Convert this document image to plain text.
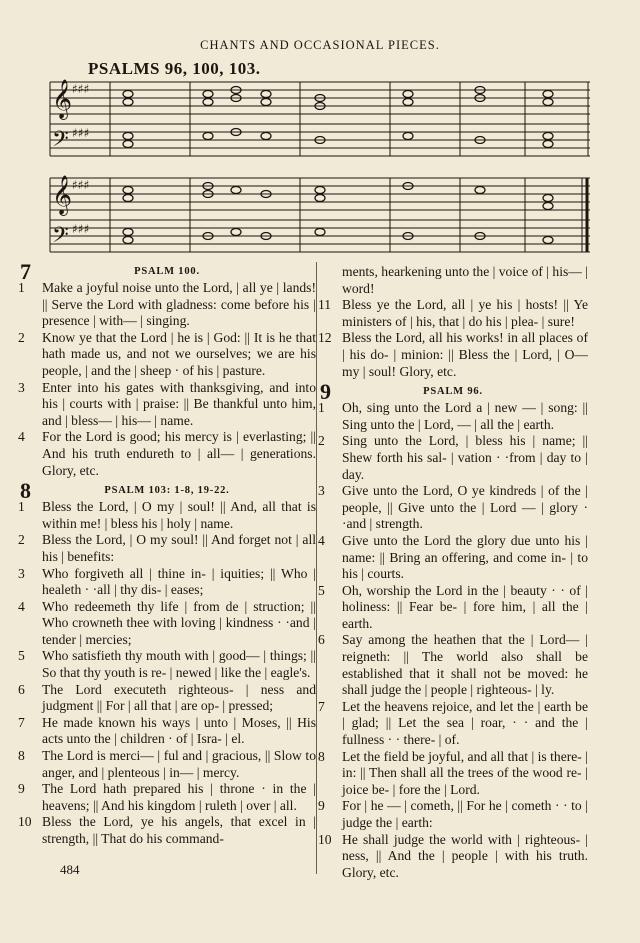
CHANTS AND OCCASIONAL PIECES.
PSALMS 96, 100, 103.
𝄞
𝄢
𝄞
𝄢
♯♯♯
♯♯♯
♯♯♯
♯♯♯
7	PSALM 100.
1	Make a joyful noise unto the Lord, | all ye | lands! || Serve the Lord with gladness: come before his | presence | with— | singing.
2	Know ye that the Lord | he is | God: || It is he that hath made us, and not we ourselves; we are his people, | and the | sheep · of his | pasture.
3	Enter into his gates with thanksgiving, and into his | courts with | praise: || Be thankful unto him, and | bless— | his— | name.
4	For the Lord is good; his mercy is | everlasting; || And his truth endureth to | all— | generations. Glory, etc.
8	PSALM 103: 1-8, 19-22.
1	Bless the Lord, | O my | soul! || And, all that is within me! | bless his | holy | name.
2	Bless the Lord, | O my soul! || And forget not | all his | benefits:
3	Who forgiveth all | thine in- | iquities; || Who | healeth · ·all | thy dis- | eases;
4	Who redeemeth thy life | from de | struction; || Who crowneth thee with loving | kindness · ·and | tender | mercies;
5	Who satisfieth thy mouth with | good— | things; || So that thy youth is re- | newed | like the | eagle's.
6	The Lord executeth righteous- | ness and judgment || For | all that | are op- | pressed;
7	He made known his ways | unto | Moses, || His acts unto the | children · of | Isra- | el.
8	The Lord is merci— | ful and | gracious, || Slow to anger, and | plenteous | in— | mercy.
9	The Lord hath prepared his | throne · in the | heavens; || And his kingdom | ruleth | over | all.
10 Bless the Lord, ye his angels, that excel in | strength, || That do his command-
ments, hearkening unto the | voice of | his— | word!
11 Bless ye the Lord, all | ye his | hosts! || Ye ministers of | his, that | do his | plea- | sure!
12 Bless the Lord, all his works! in all places of | his do- | minion: || Bless the | Lord, | O— my | soul! Glory, etc.
9	PSALM 96.
1	Oh, sing unto the Lord a | new — | song: || Sing unto the | Lord, — | all the | earth.
2	Sing unto the Lord, | bless his | name; || Shew forth his sal- | vation · ·from | day to | day.
3	Give unto the Lord, O ye kindreds | of the | people, || Give unto the | Lord — | glory · ·and | strength.
4	Give unto the Lord the glory due unto his | name: || Bring an offering, and come in- | to his | courts.
5	Oh, worship the Lord in the | beauty · · of | holiness: || Fear be- | fore him, | all the | earth.
6	Say among the heathen that the | Lord— | reigneth: || The world also shall be established that it shall not be moved: he shall judge the | people | righteous- | ly.
7	Let the heavens rejoice, and let the | earth be | glad; || Let the sea | roar, · · and the | fullness · · there- | of.
8	Let the field be joyful, and all that | is there- | in: || Then shall all the trees of the wood re- | joice be- | fore the | Lord.
9	For | he — | cometh, || For he | cometh · · to | judge the | earth:
10 He shall judge the world with | righteous- | ness, || And the | people | with his truth. Glory, etc.
484
